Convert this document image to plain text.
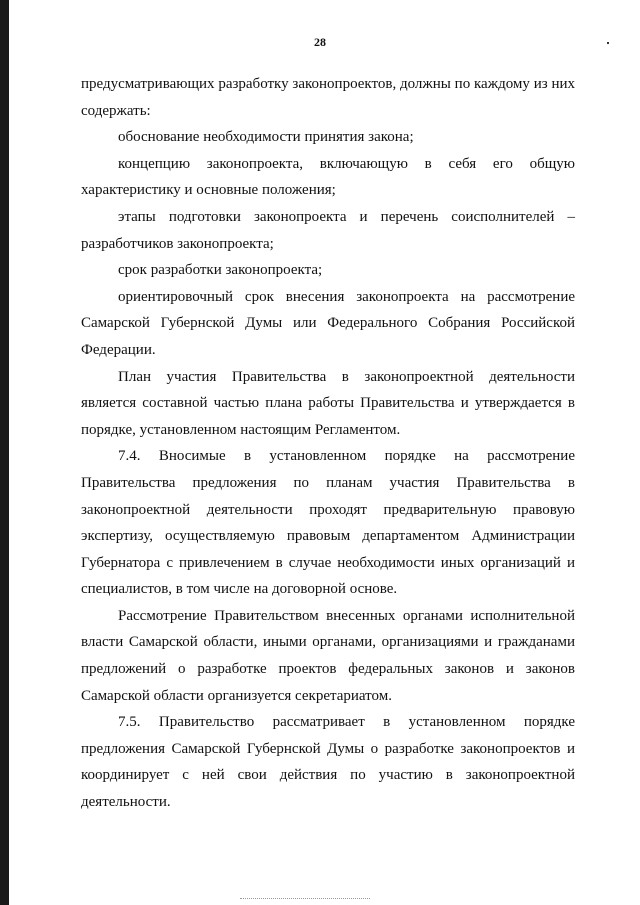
28

предусматривающих разработку законопроектов, должны по каждому из них содержать:

обоснование необходимости принятия закона;

концепцию законопроекта, включающую в себя его общую характеристику и основные положения;

этапы подготовки законопроекта и перечень соисполнителей – разработчиков законопроекта;

срок разработки законопроекта;

ориентировочный срок внесения законопроекта на рассмотрение Самарской Губернской Думы или Федерального Собрания Российской Федерации.

План участия Правительства в законопроектной деятельности является составной частью плана работы Правительства и утверждается в порядке, установленном настоящим Регламентом.

7.4. Вносимые в установленном порядке на рассмотрение Правительства предложения по планам участия Правительства в законопроектной деятельности проходят предварительную правовую экспертизу, осуществляемую правовым департаментом Администрации Губернатора с привлечением в случае необходимости иных организаций и специалистов, в том числе на договорной основе.

Рассмотрение Правительством внесенных органами исполнительной власти Самарской области, иными органами, организациями и гражданами предложений о разработке проектов федеральных законов и законов Самарской области организуется секретариатом.

7.5. Правительство рассматривает в установленном порядке предложения Самарской Губернской Думы о разработке законопроектов и координирует с ней свои действия по участию в законопроектной деятельности.
